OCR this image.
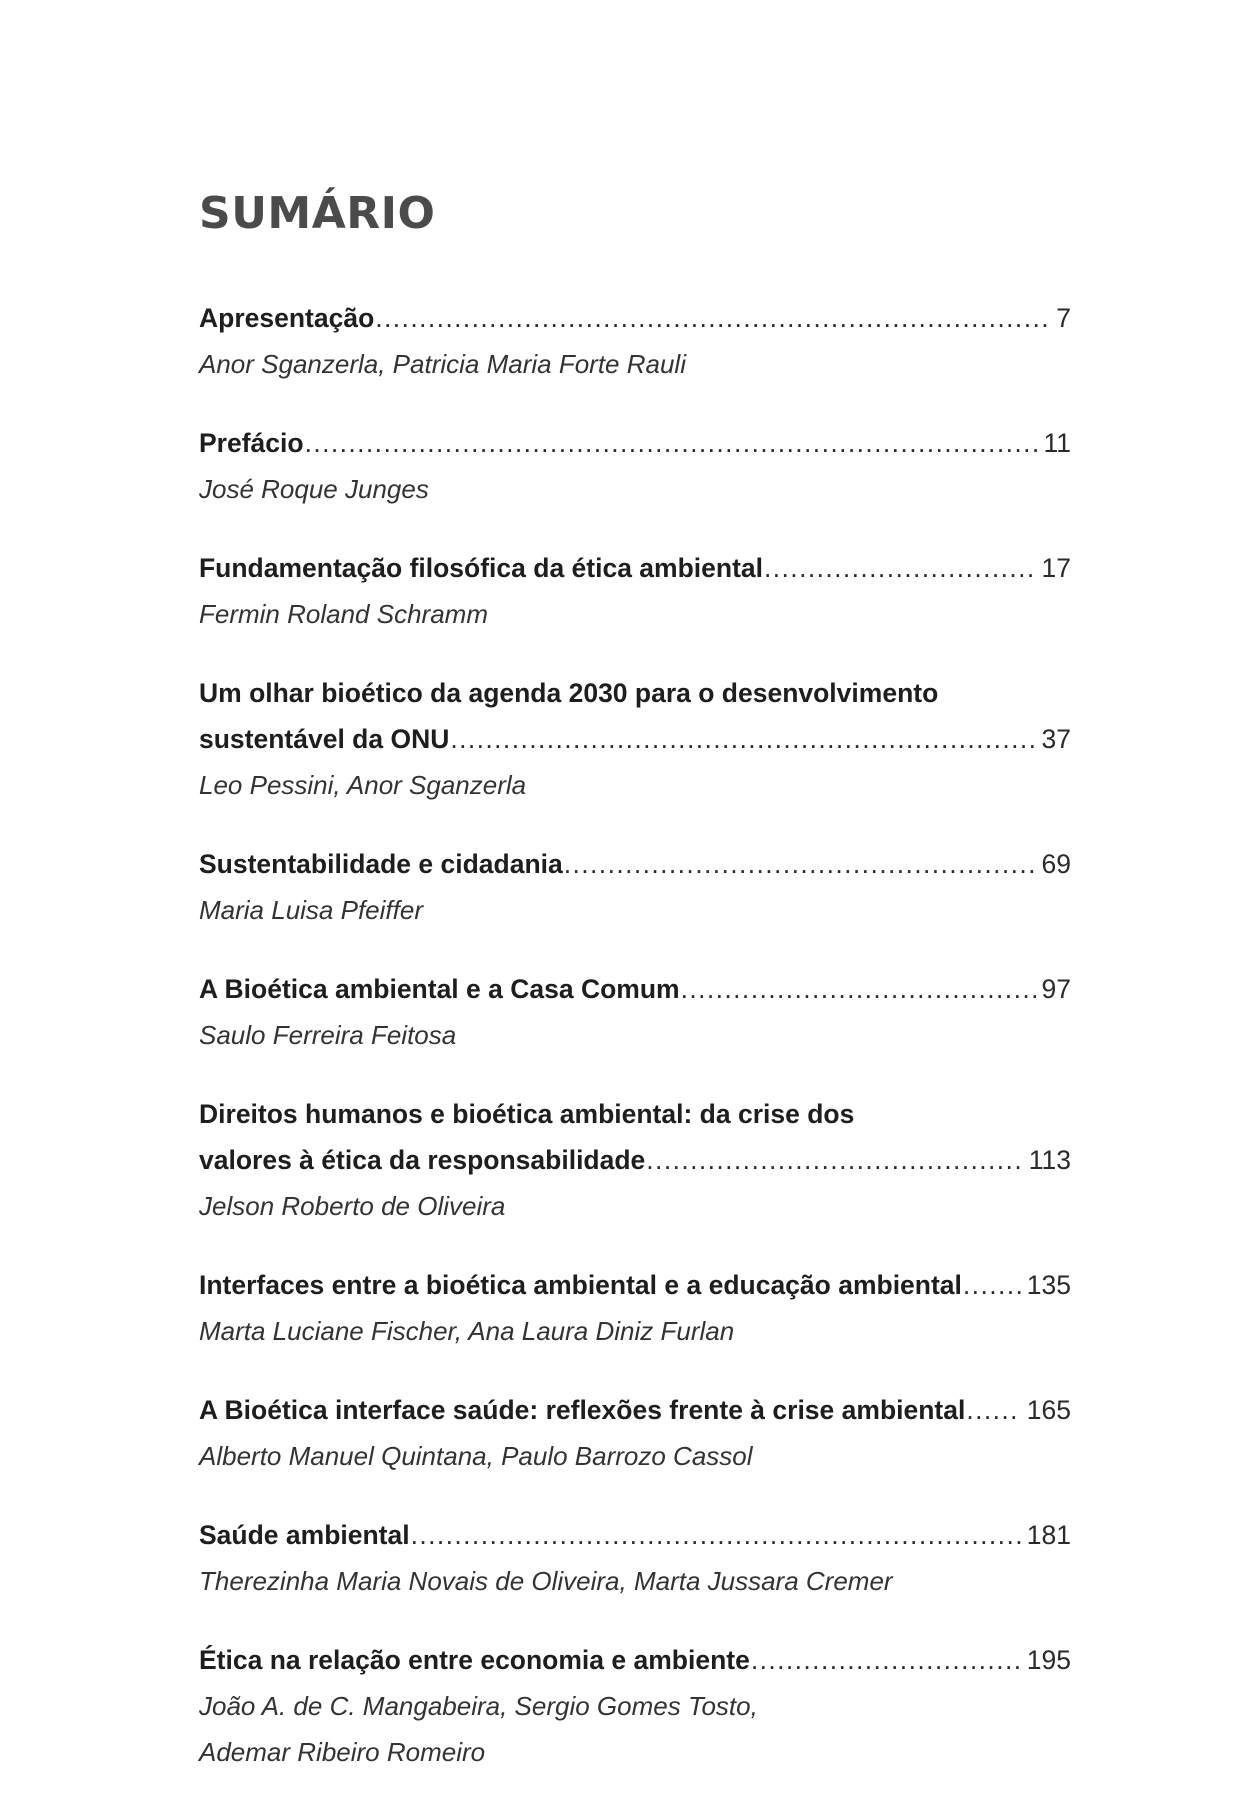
SUMÁRIO
Apresentação .....	7
Anor Sganzerla, Patricia Maria Forte Rauli
Prefácio .....	11
José Roque Junges
Fundamentação filosófica da ética ambiental .....	17
Fermin Roland Schramm
Um olhar bioético da agenda 2030 para o desenvolvimento
sustentável da ONU .....	37
Leo Pessini, Anor Sganzerla
Sustentabilidade e cidadania .....	69
Maria Luisa Pfeiffer
A Bioética ambiental e a Casa Comum .....	97
Saulo Ferreira Feitosa
Direitos humanos e bioética ambiental: da crise dos
valores à ética da responsabilidade .....	113
Jelson Roberto de Oliveira
Interfaces entre a bioética ambiental e a educação ambiental ..... 135
Marta Luciane Fischer, Ana Laura Diniz Furlan
A Bioética interface saúde: reflexões frente à crise ambiental ..... 165
Alberto Manuel Quintana, Paulo Barrozo Cassol
Saúde ambiental .....	181
Therezinha Maria Novais de Oliveira, Marta Jussara Cremer
Ética na relação entre economia e ambiente .....	195
João A. de C. Mangabeira, Sergio Gomes Tosto,
Ademar Ribeiro Romeiro
